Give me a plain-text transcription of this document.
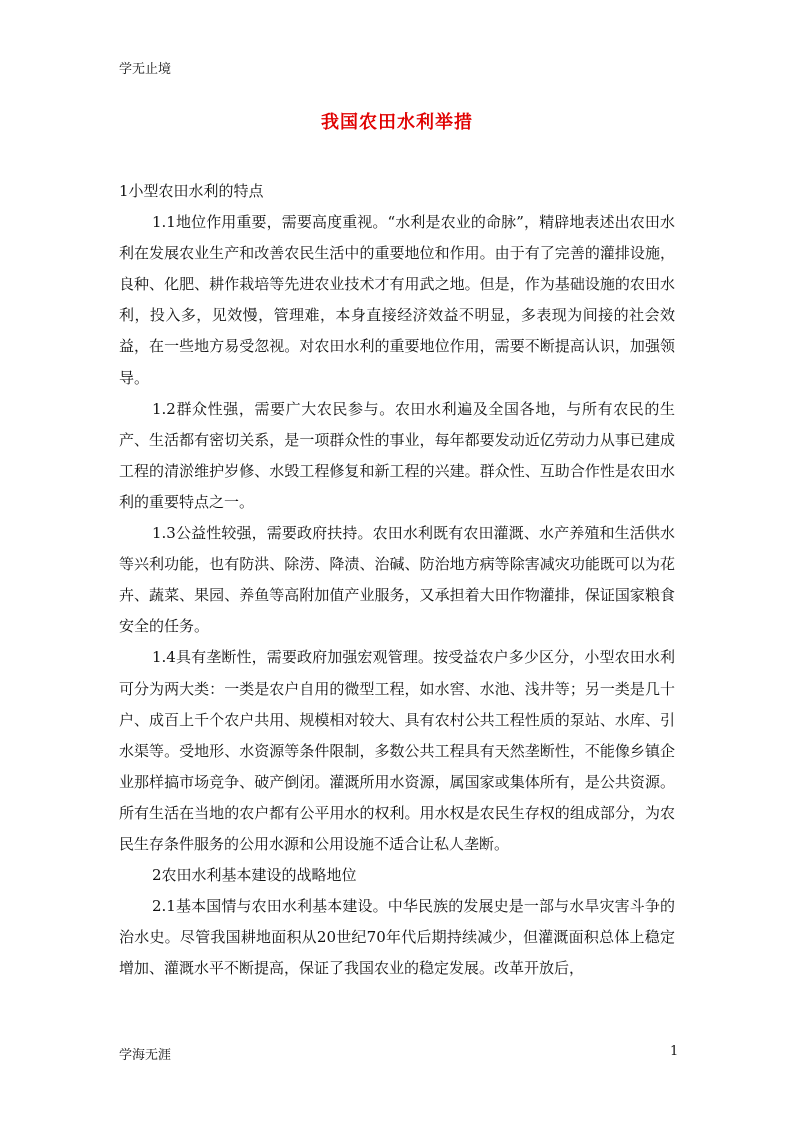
学无止境
我国农田水利举措

1小型农田水利的特点

1.1地位作用重要，需要高度重视。“水利是农业的命脉”，精辟地表述出农田水利在发展农业生产和改善农民生活中的重要地位和作用。由于有了完善的灌排设施，良种、化肥、耕作栽培等先进农业技术才有用武之地。但是，作为基础设施的农田水利，投入多，见效慢，管理难，本身直接经济效益不明显，多表现为间接的社会效益，在一些地方易受忽视。对农田水利的重要地位作用，需要不断提高认识，加强领导。

1.2群众性强，需要广大农民参与。农田水利遍及全国各地，与所有农民的生产、生活都有密切关系，是一项群众性的事业，每年都要发动近亿劳动力从事已建成工程的清淤维护岁修、水毁工程修复和新工程的兴建。群众性、互助合作性是农田水利的重要特点之一。

1.3公益性较强，需要政府扶持。农田水利既有农田灌溉、水产养殖和生活供水等兴利功能，也有防洪、除涝、降渍、治碱、防治地方病等除害减灾功能既可以为花卉、蔬菜、果园、养鱼等高附加值产业服务，又承担着大田作物灌排，保证国家粮食安全的任务。

1.4具有垄断性，需要政府加强宏观管理。按受益农户多少区分，小型农田水利可分为两大类：一类是农户自用的微型工程，如水窖、水池、浅井等；另一类是几十户、成百上千个农户共用、规模相对较大、具有农村公共工程性质的泵站、水库、引水渠等。受地形、水资源等条件限制，多数公共工程具有天然垄断性，不能像乡镇企业那样搞市场竞争、破产倒闭。灌溉所用水资源，属国家或集体所有，是公共资源。所有生活在当地的农户都有公平用水的权利。用水权是农民生存权的组成部分，为农民生存条件服务的公用水源和公用设施不适合让私人垄断。

2农田水利基本建设的战略地位

2.1基本国情与农田水利基本建设。中华民族的发展史是一部与水旱灾害斗争的治水史。尽管我国耕地面积从20世纪70年代后期持续减少，但灌溉面积总体上稳定增加、灌溉水平不断提高，保证了我国农业的稳定发展。改革开放后，

学海无涯	1
